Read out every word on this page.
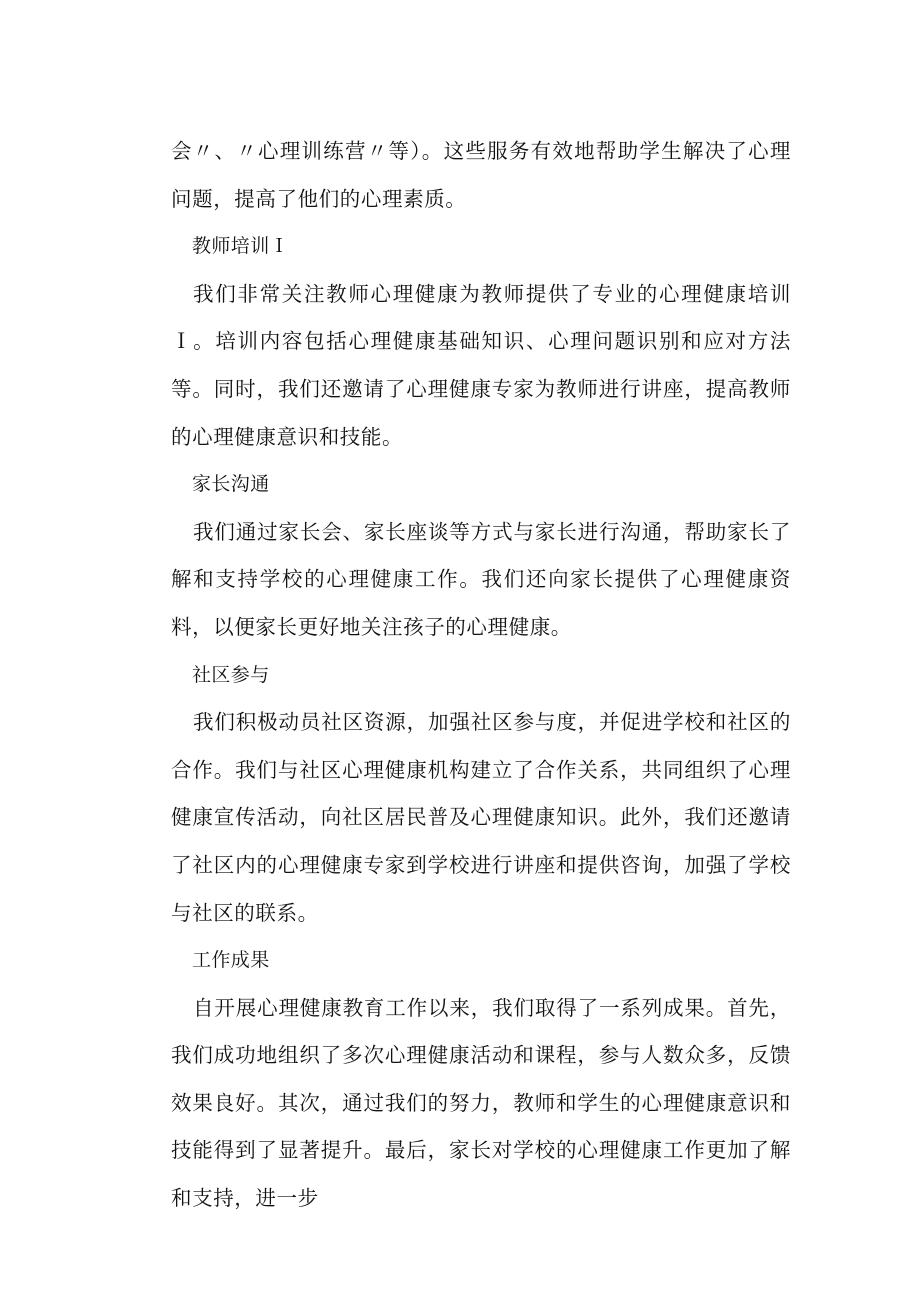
会〃、〃心理训练营〃等）。这些服务有效地帮助学生解决了心理问题，提高了他们的心理素质。

教师培训Ｉ

我们非常关注教师心理健康为教师提供了专业的心理健康培训Ｉ。培训内容包括心理健康基础知识、心理问题识别和应对方法等。同时，我们还邀请了心理健康专家为教师进行讲座，提高教师的心理健康意识和技能。

家长沟通

我们通过家长会、家长座谈等方式与家长进行沟通，帮助家长了解和支持学校的心理健康工作。我们还向家长提供了心理健康资料，以便家长更好地关注孩子的心理健康。

社区参与

我们积极动员社区资源，加强社区参与度，并促进学校和社区的合作。我们与社区心理健康机构建立了合作关系，共同组织了心理健康宣传活动，向社区居民普及心理健康知识。此外，我们还邀请了社区内的心理健康专家到学校进行讲座和提供咨询，加强了学校与社区的联系。

工作成果

自开展心理健康教育工作以来，我们取得了一系列成果。首先，我们成功地组织了多次心理健康活动和课程，参与人数众多，反馈效果良好。其次，通过我们的努力，教师和学生的心理健康意识和技能得到了显著提升。最后，家长对学校的心理健康工作更加了解和支持，进一步
